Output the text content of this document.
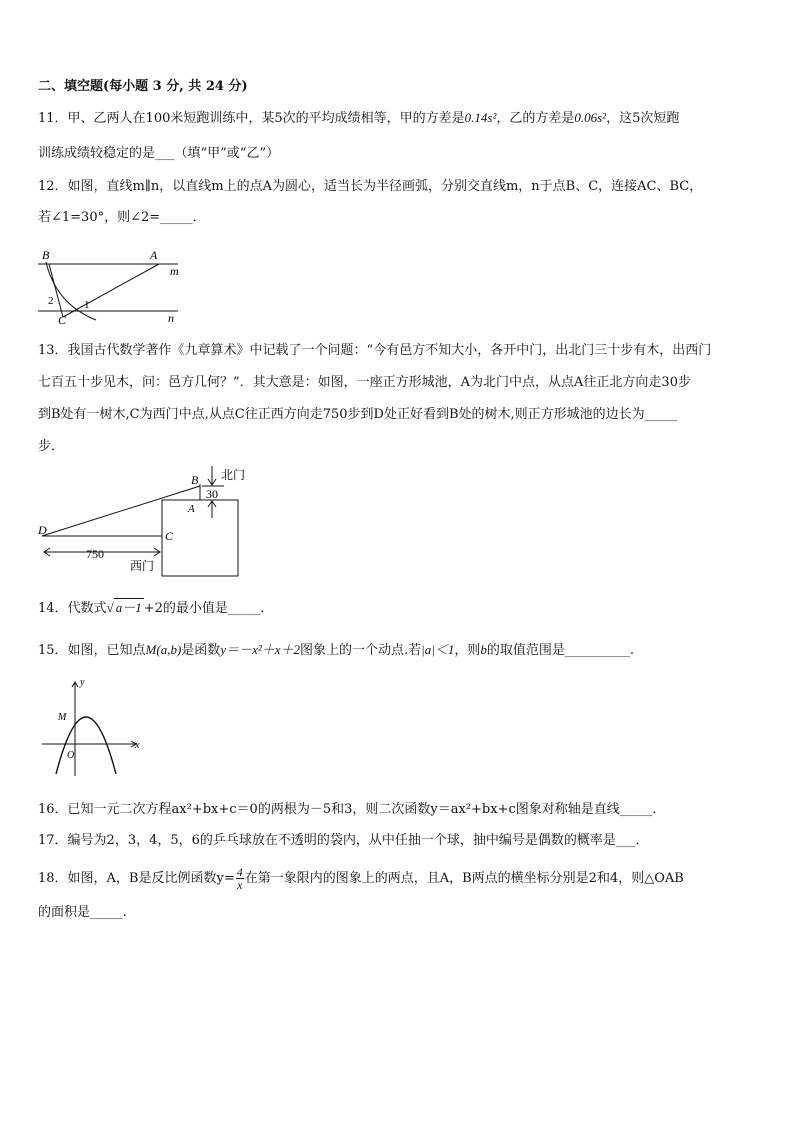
二、填空题(每小题 3 分, 共 24 分)
11．甲、乙两人在100米短跑训练中，某5次的平均成绩相等，甲的方差是0.14s²，乙的方差是0.06s²，这5次短跑
训练成绩较稳定的是___（填“甲”或“乙”）
12．如图，直线m∥n，以直线m上的点A为圆心，适当长为半径画弧，分别交直线m，n于点B、C，连接AC、BC，
若∠1=30°，则∠2=_____．
B	A
m
n
C
2	1
13．我国古代数学著作《九章算术》中记载了一个问题：“今有邑方不知大小，各开中门，出北门三十步有木，出西门
七百五十步见木，问：邑方几何？”．其大意是：如图，一座正方形城池，A为北门中点，从点A往正北方向走30步
到B处有一树木,C为西门中点,从点C往正西方向走750步到D处正好看到B处的树木,则正方形城池的边长为_____
步．
B 北门
30
A
D	C
750
西门
14．代数式√ a－1 +2的最小值是_____．
15．如图，已知点M(a,b)是函数y＝－x²＋x＋2图象上的一个动点.若|a|＜1，则b的取值范围是__________.
y
x
M
O
16．已知一元二次方程ax²+bx+c＝0的两根为－5和3，则二次函数y＝ax²+bx+c图象对称轴是直线_____．
17．编号为2，3，4，5，6的乒乓球放在不透明的袋内，从中任抽一个球，抽中编号是偶数的概率是___．
18．如图，A，B是反比例函数$y= \frac{4}{x}$ 在第一象限内的图象上的两点，且A，B两点的横坐标分别是2和4，则△OAB
的面积是_____.
